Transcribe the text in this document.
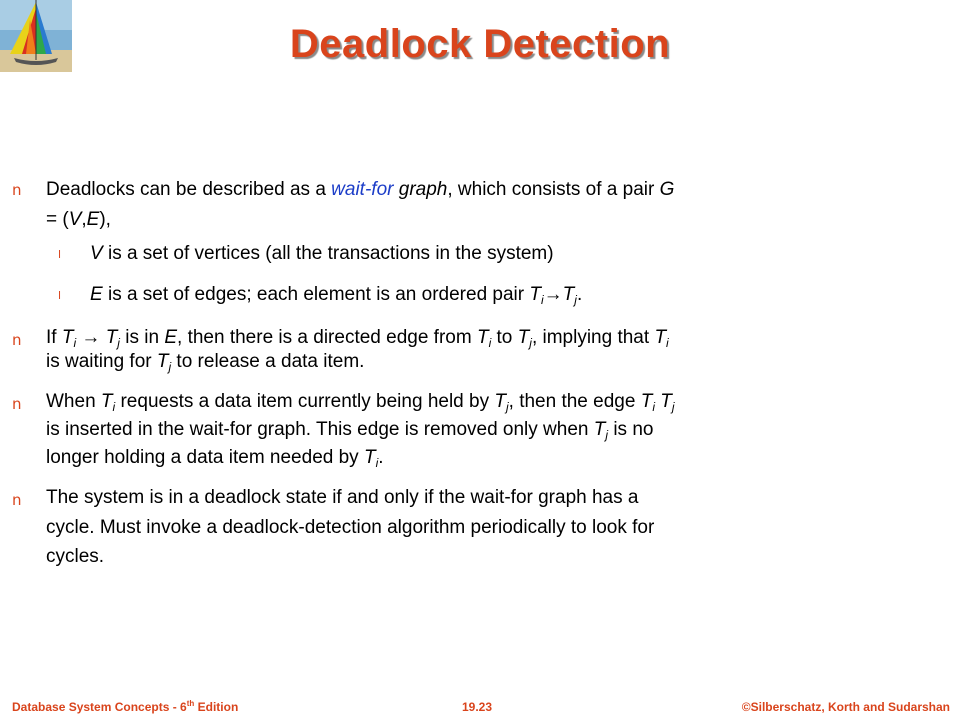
Deadlock Detection
n Deadlocks can be described as a wait-for graph, which consists of a pair G
= (V,E),
l V is a set of vertices (all the transactions in the system)
l E is a set of edges; each element is an ordered pair $T_i\to T_j$.
n If $T_i \to T_j$ is in E, then there is a directed edge from $T_i$ to $T_j$, implying that $T_i$
is waiting for $T_j$ to release a data item.
n When $T_i$ requests a data item currently being held by $T_j$, then the edge $T_i$ $T_j$
is inserted in the wait-for graph. This edge is removed only when $T_j$ is no
longer holding a data item needed by $T_i$.
n The system is in a deadlock state if and only if the wait-for graph has a
cycle. Must invoke a deadlock-detection algorithm periodically to look for
cycles.
Database System Concepts - 6th Edition	19.23	©Silberschatz, Korth and Sudarshan
